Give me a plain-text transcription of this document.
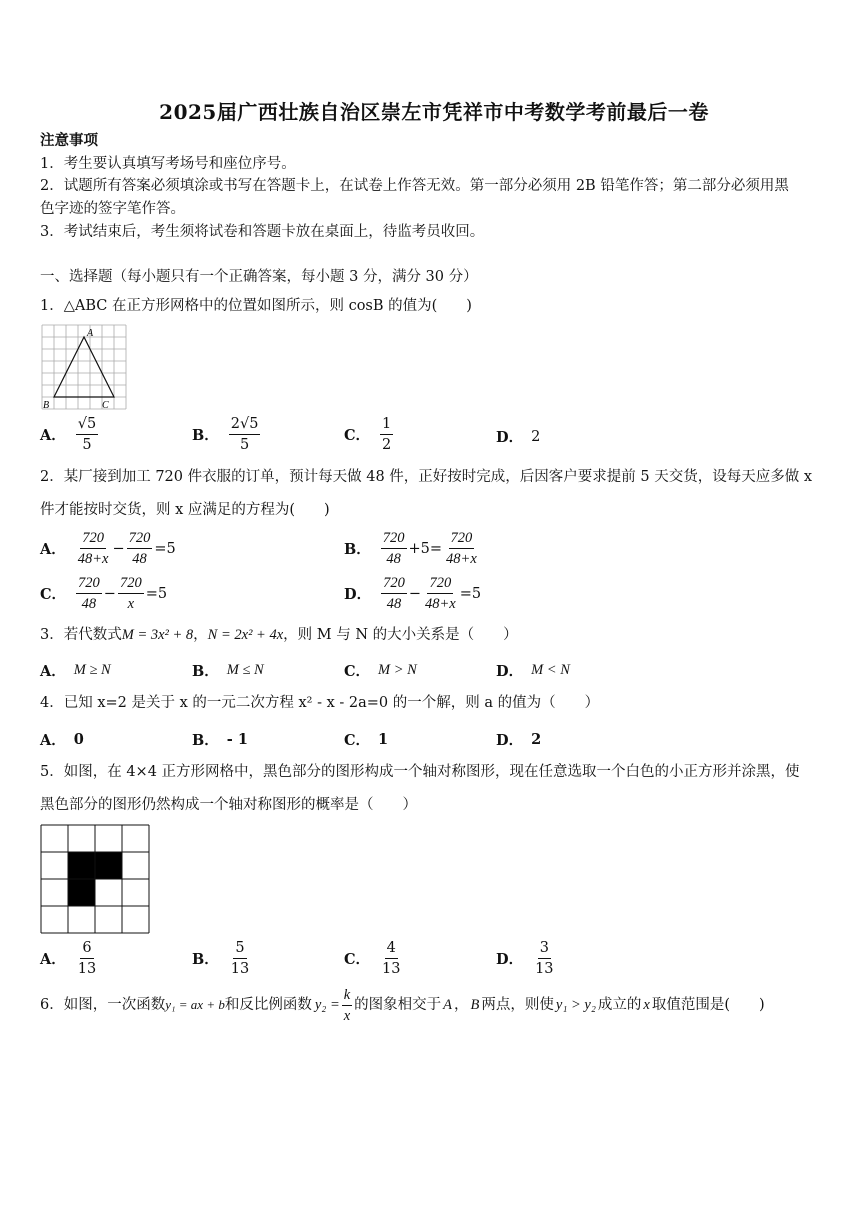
2025届广西壮族自治区崇左市凭祥市中考数学考前最后一卷
注意事项
1．考生要认真填写考场号和座位序号。
2．试题所有答案必须填涂或书写在答题卡上，在试卷上作答无效。第一部分必须用 2B 铅笔作答；第二部分必须用黑
色字迹的签字笔作答。
3．考试结束后，考生须将试卷和答题卡放在桌面上，待监考员收回。
一、选择题（每小题只有一个正确答案，每小题 3 分，满分 30 分）
1．△ABC 在正方形网格中的位置如图所示，则 cosB 的值为(　　)
A
B	C
A． $\frac{√5}{5}$	B． $\frac{2√5}{5}$	C． $\frac{1}{2}$	D． 2
2．某厂接到加工 720 件衣服的订单，预计每天做 48 件，正好按时完成，后因客户要求提前 5 天交货，设每天应多做 x
件才能按时交货，则 x 应满足的方程为(　　)
A． $\frac{720}{48+x} - \frac{720}{48} =5$	B． $\frac{720}{48} +5= \frac{720}{48+x}$
C． $\frac{720}{48} - \frac{720}{x} =5$	D． $\frac{720}{48} - \frac{720}{48+x} =5$
3．若代数式M = 3x² + 8，N = 2x² + 4x，则 M 与 N 的大小关系是（　　）
A． M ≥ N	B． M ≤ N	C． M > N	D． M < N
4．已知 x=2 是关于 x 的一元二次方程 x² - x - 2a=0 的一个解，则 a 的值为（　　）
A． 0	B． - 1	C． 1	D． 2
5．如图，在 4×4 正方形网格中，黑色部分的图形构成一个轴对称图形，现在任意选取一个白色的小正方形并涂黑，使
黑色部分的图形仍然构成一个轴对称图形的概率是（　　）
A． $\frac{6}{13}$	B． $\frac{5}{13}$	C． $\frac{4}{13}$	D． $\frac{3}{13}$
6．如图，一次函数 y₁ = ax + b 和反比例函数 $y_2 = \frac{k}{x}$ 的图象相交于 A ， B 两点，则使 y₁ > y₂ 成立的 x 取值范围是(　　)
